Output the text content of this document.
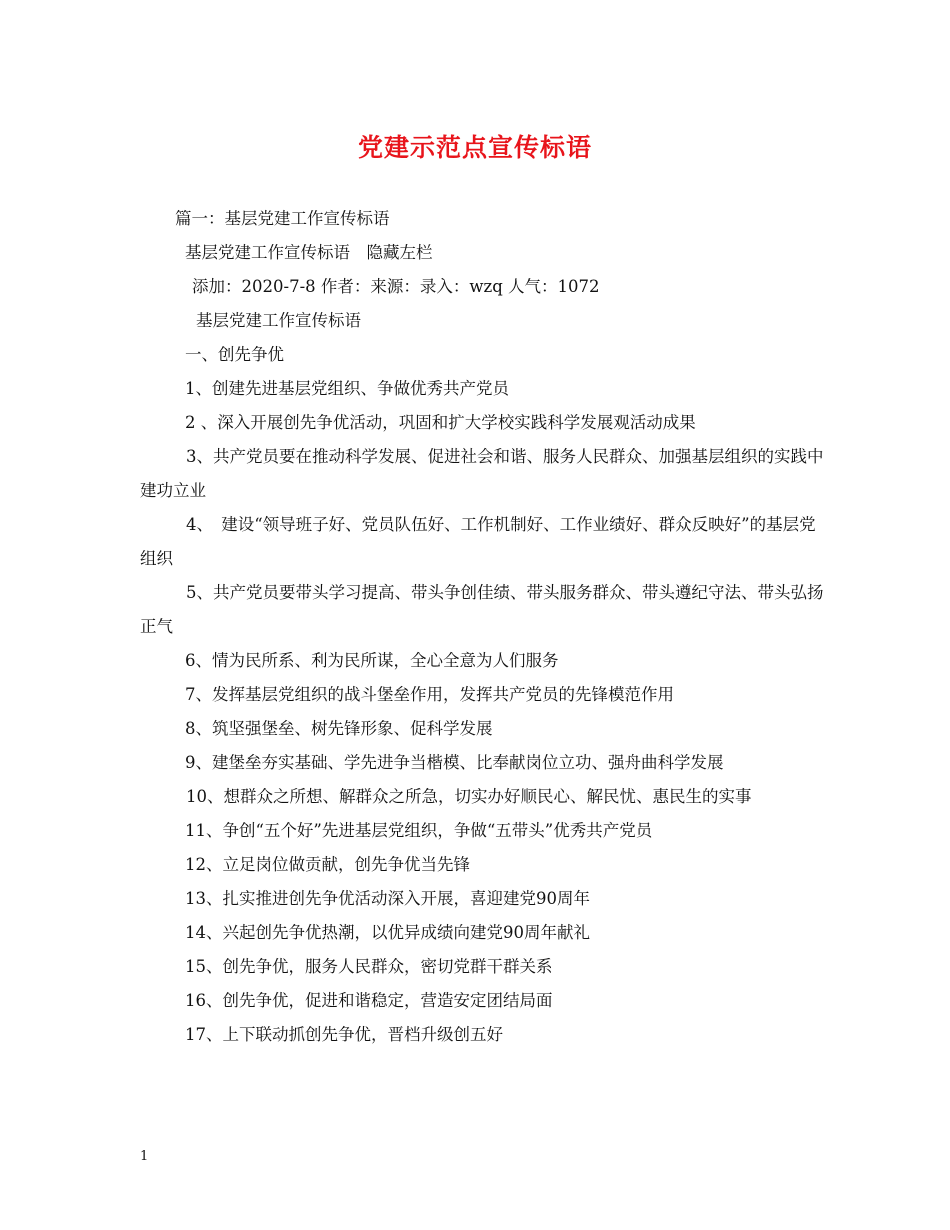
党建示范点宣传标语
篇一：基层党建工作宣传标语
基层党建工作宣传标语　隐藏左栏
添加：2020-7-8 作者：来源：录入：wzq 人气：1072
基层党建工作宣传标语
一、创先争优
1、创建先进基层党组织、争做优秀共产党员
2 、深入开展创先争优活动，巩固和扩大学校实践科学发展观活动成果
3、共产党员要在推动科学发展、促进社会和谐、服务人民群众、加强基层组织的实践中建功立业
4、　建设“领导班子好、党员队伍好、工作机制好、工作业绩好、群众反映好”的基层党组织
5、共产党员要带头学习提高、带头争创佳绩、带头服务群众、带头遵纪守法、带头弘扬正气
6、情为民所系、利为民所谋，全心全意为人们服务
7、发挥基层党组织的战斗堡垒作用，发挥共产党员的先锋模范作用
8、筑坚强堡垒、树先锋形象、促科学发展
9、建堡垒夯实基础、学先进争当楷模、比奉献岗位立功、强舟曲科学发展
10、想群众之所想、解群众之所急，切实办好顺民心、解民忧、惠民生的实事
11、争创“五个好”先进基层党组织，争做“五带头”优秀共产党员
12、立足岗位做贡献，创先争优当先锋
13、扎实推进创先争优活动深入开展，喜迎建党90周年
14、兴起创先争优热潮，以优异成绩向建党90周年献礼
15、创先争优，服务人民群众，密切党群干群关系
16、创先争优，促进和谐稳定，营造安定团结局面
17、上下联动抓创先争优，晋档升级创五好
1
